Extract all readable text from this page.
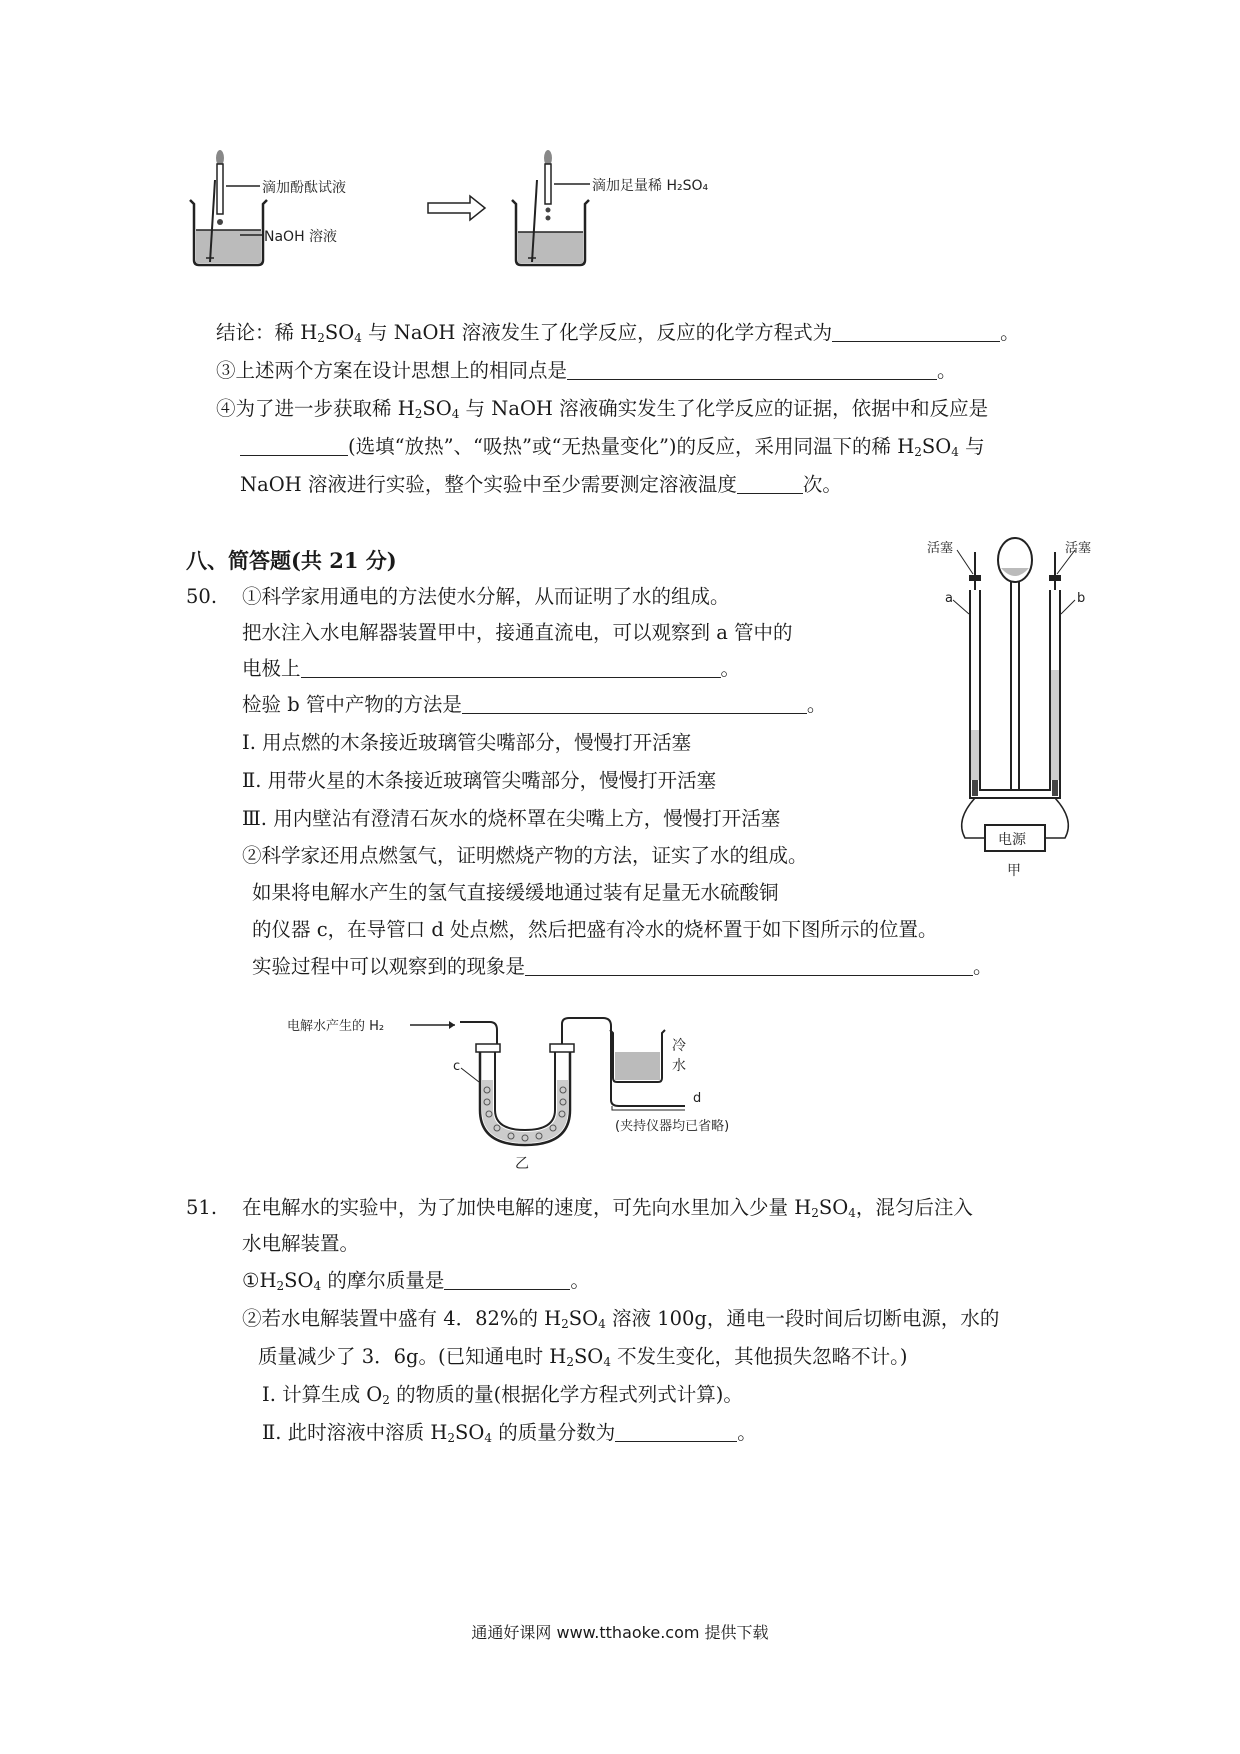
滴加酚酞试液
NaOH 溶液
滴加足量稀 H₂SO₄
结论：稀 $H_2SO_4$ 与 NaOH 溶液发生了化学反应，反应的化学方程式为	。
③上述两个方案在设计思想上的相同点是	。
④为了进一步获取稀 $H_2SO_4$ 与 NaOH 溶液确实发生了化学反应的证据，依据中和反应是
(选填“放热”、“吸热”或“无热量变化”)的反应，采用同温下的稀 $H_2SO_4$ 与
NaOH 溶液进行实验，整个实验中至少需要测定溶液温度	次。
八、简答题(共 21 分)
50. ①科学家用通电的方法使水分解，从而证明了水的组成。
把水注入水电解器装置甲中，接通直流电，可以观察到 a 管中的
电极上	。
检验 b 管中产物的方法是	。
Ⅰ. 用点燃的木条接近玻璃管尖嘴部分，慢慢打开活塞
Ⅱ. 用带火星的木条接近玻璃管尖嘴部分，慢慢打开活塞
Ⅲ. 用内壁沾有澄清石灰水的烧杯罩在尖嘴上方，慢慢打开活塞
②科学家还用点燃氢气，证明燃烧产物的方法，证实了水的组成。
如果将电解水产生的氢气直接缓缓地通过装有足量无水硫酸铜
的仪器 c，在导管口 d 处点燃，然后把盛有冷水的烧杯置于如下图所示的位置。
实验过程中可以观察到的现象是	。
电源
活塞	活塞
a	b
甲
电解水产生的 H₂
冷
水
d
c
(夹持仪器均已省略)
乙
51. 在电解水的实验中，为了加快电解的速度，可先向水里加入少量 $H_2SO_4$，混匀后注入
水电解装置。
$①H_2SO_4$ 的摩尔质量是	。
②若水电解装置中盛有 4．82%的 $H_2SO_4$ 溶液 100g，通电一段时间后切断电源，水的
质量减少了 3．6g。(已知通电时 $H_2SO_4$ 不发生变化，其他损失忽略不计。)
Ⅰ. 计算生成 $O_2$ 的物质的量(根据化学方程式列式计算)。
Ⅱ. 此时溶液中溶质 $H_2SO_4$ 的质量分数为	。
通通好课网 www.tthaoke.com 提供下载
